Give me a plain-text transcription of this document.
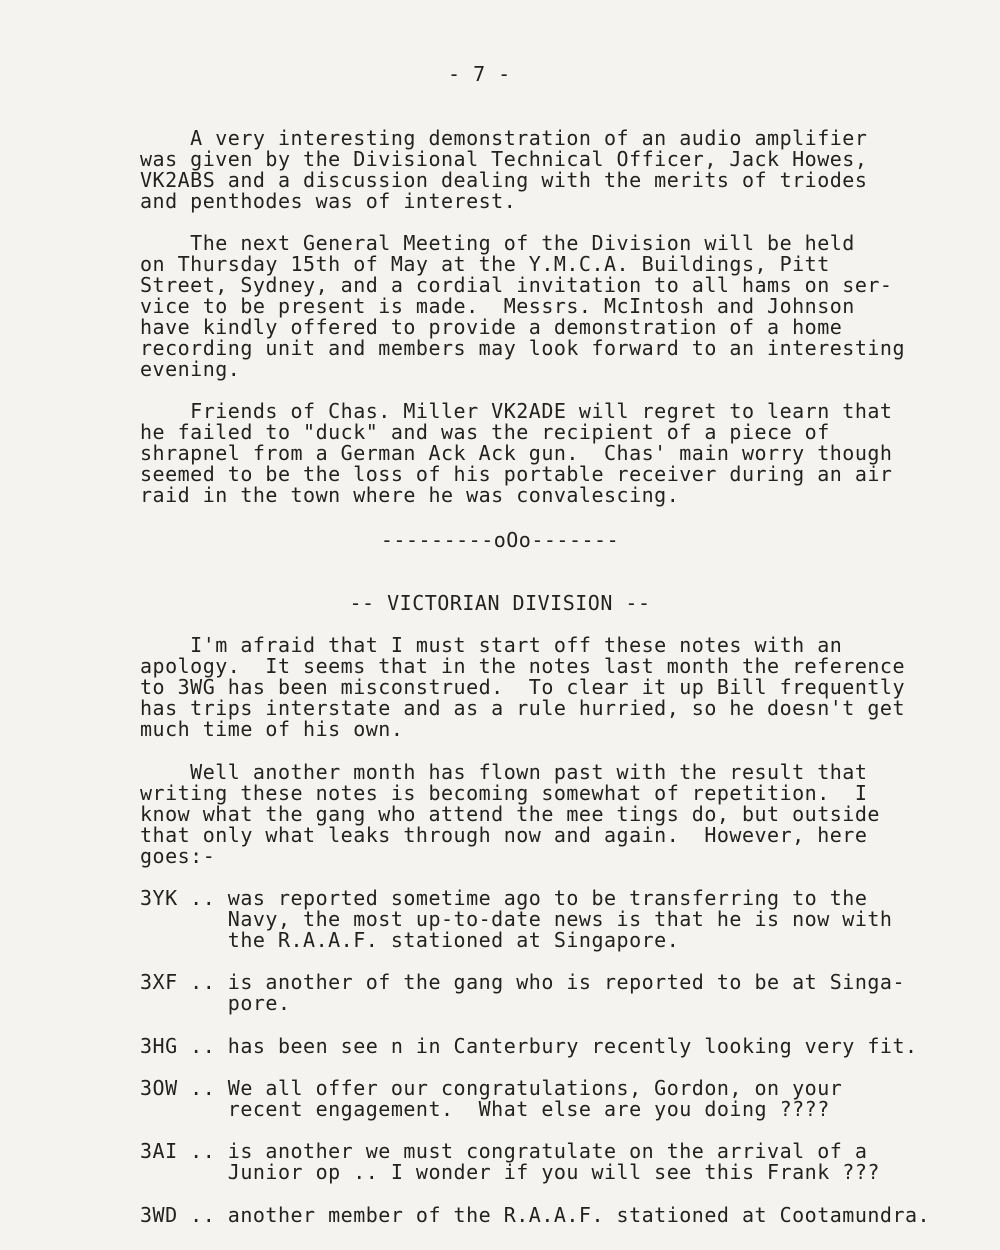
- 7 -
A very interesting demonstration of an audio amplifier
was given by the Divisional Technical Officer, Jack Howes,
VK2ABS and a discussion dealing with the merits of triodes
and penthodes was of interest.
The next General Meeting of the Division will be held
on Thursday 15th of May at the Y.M.C.A. Buildings, Pitt
Street, Sydney, and a cordial invitation to all hams on ser-
vice to be present is made.  Messrs. McIntosh and Johnson
have kindly offered to provide a demonstration of a home
recording unit and members may look forward to an interesting
evening.
Friends of Chas. Miller VK2ADE will regret to learn that
he failed to "duck" and was the recipient of a piece of
shrapnel from a German Ack Ack gun.  Chas' main worry though
seemed to be the loss of his portable receiver during an air
raid in the town where he was convalescing.
---------oOo-------
-- VICTORIAN DIVISION --
I'm afraid that I must start off these notes with an
apology.  It seems that in the notes last month the reference
to 3WG has been misconstrued.  To clear it up Bill frequently
has trips interstate and as a rule hurried, so he doesn't get
much time of his own.
Well another month has flown past with the result that
writing these notes is becoming somewhat of repetition.  I
know what the gang who attend the mee tings do, but outside
that only what leaks through now and again.  However, here
goes:-
3YK .. was reported sometime ago to be transferring to the
Navy, the most up-to-date news is that he is now with
the R.A.A.F. stationed at Singapore.
3XF .. is another of the gang who is reported to be at Singa-
pore.
3HG .. has been see n in Canterbury recently looking very fit.
3OW .. We all offer our congratulations, Gordon, on your
recent engagement.  What else are you doing ????
3AI .. is another we must congratulate on the arrival of a
Junior op .. I wonder if you will see this Frank ???
3WD .. another member of the R.A.A.F. stationed at Cootamundra.
